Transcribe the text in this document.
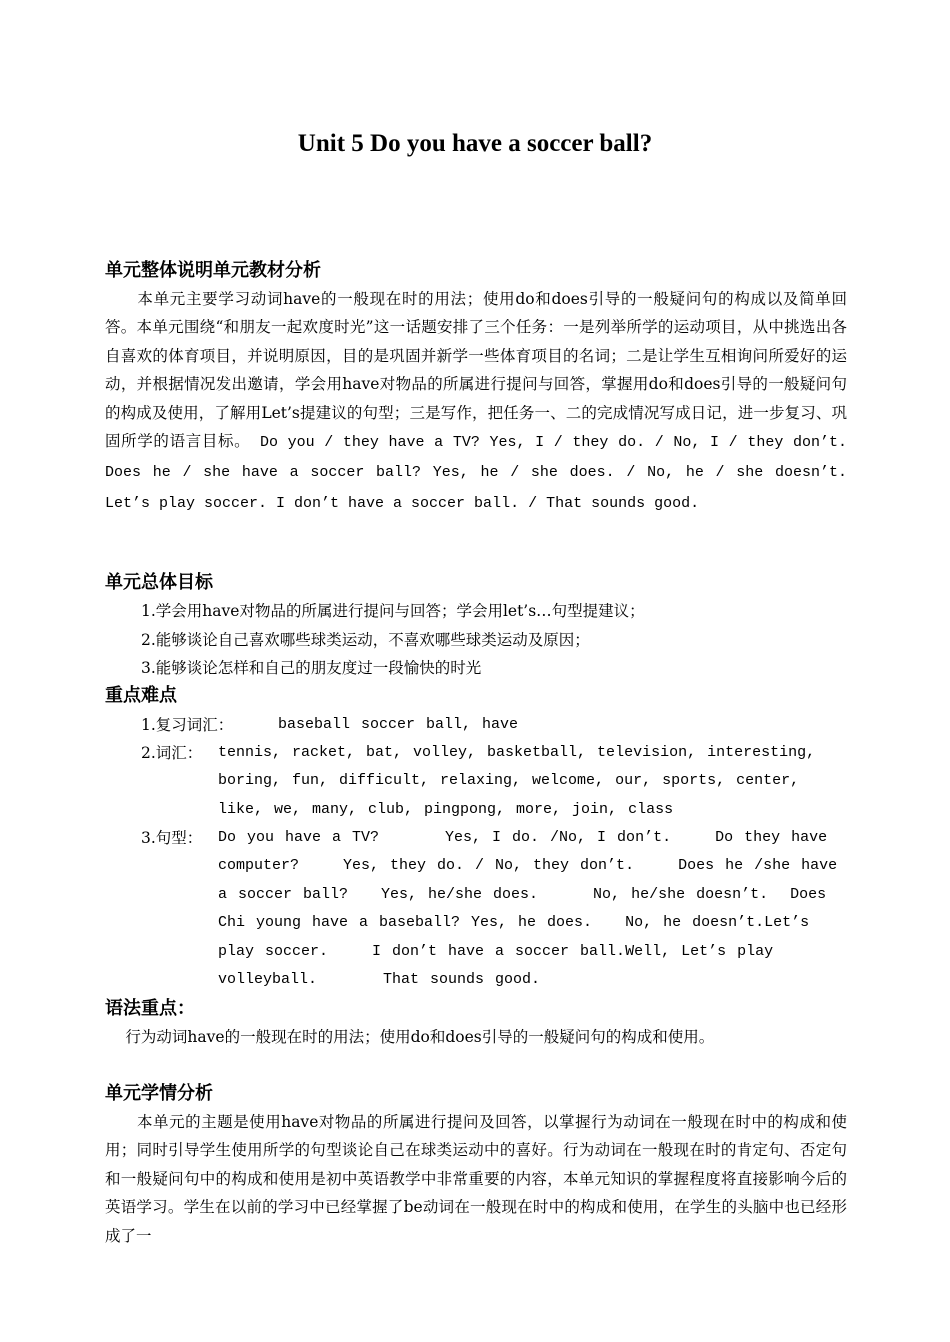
Unit 5 Do you have a soccer ball?
单元整体说明单元教材分析
　　本单元主要学习动词have的一般现在时的用法；使用do和does引导的一般疑问句的构成以及简单回答。本单元围绕“和朋友一起欢度时光”这一话题安排了三个任务：一是列举所学的运动项目，从中挑选出各自喜欢的体育项目，并说明原因，目的是巩固并新学一些体育项目的名词；二是让学生互相询问所爱好的运动，并根据情况发出邀请，学会用have对物品的所属进行提问与回答，掌握用do和does引导的一般疑问句的构成及使用，了解用Let’s提建议的句型；三是写作，把任务一、二的完成情况写成日记，进一步复习、巩固所学的语言目标。 Do you / they have a TV? Yes, I / they do. / No, I / they don’t. Does he / she have a soccer ball? Yes, he / she does. / No, he / she doesn’t. Let’s play soccer. I don’t have a soccer ball. / That sounds good.
单元总体目标
1.学会用have对物品的所属进行提问与回答；学会用let’s…句型提建议；
2.能够谈论自己喜欢哪些球类运动，不喜欢哪些球类运动及原因；
3.能够谈论怎样和自己的朋友度过一段愉快的时光
重点难点
1.复习词汇：	baseball soccer ball, have
2.词汇： tennis, racket, bat, volley, basketball, television, interesting, boring, fun, difficult, relaxing, welcome, our, sports, center, like, we, many, club, pingpong, more, join, class
3.句型： Do you have a TV?      Yes, I do. /No, I don’t.    Do they have computer?    Yes, they do. / No, they don’t.    Does he /she have a soccer ball?   Yes, he/she does.     No, he/she doesn’t.  Does Chi young have a baseball? Yes, he does.   No, he doesn’t.Let’s play soccer.    I don’t have a soccer ball.Well, Let’s play volleyball.      That sounds good.
语法重点：
　 行为动词have的一般现在时的用法；使用do和does引导的一般疑问句的构成和使用。
单元学情分析
　　本单元的主题是使用have对物品的所属进行提问及回答，以掌握行为动词在一般现在时中的构成和使用；同时引导学生使用所学的句型谈论自己在球类运动中的喜好。行为动词在一般现在时的肯定句、否定句和一般疑问句中的构成和使用是初中英语教学中非常重要的内容，本单元知识的掌握程度将直接影响今后的英语学习。学生在以前的学习中已经掌握了be动词在一般现在时中的构成和使用，在学生的头脑中也已经形成了一
